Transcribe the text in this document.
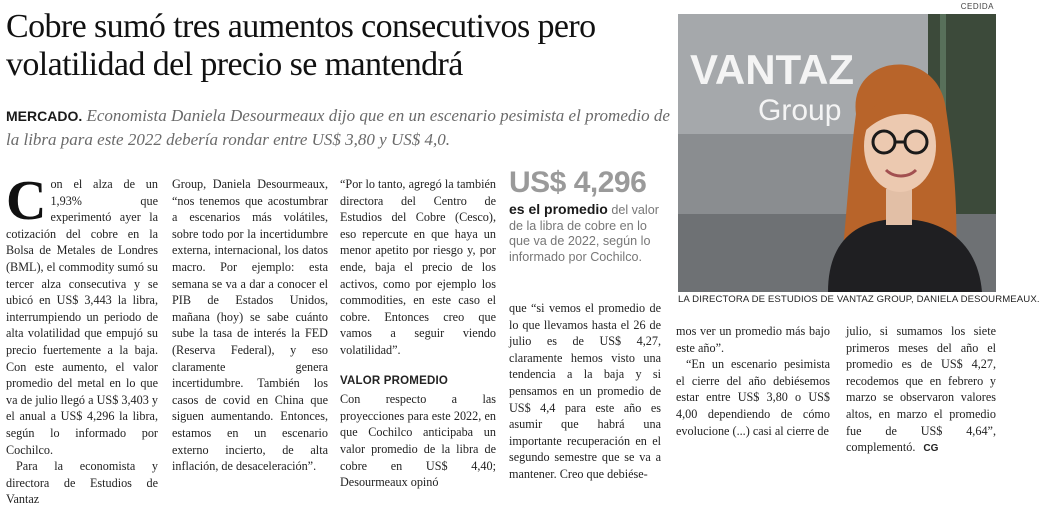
Cobre sumó tres aumentos consecutivos pero volatilidad del precio se mantendrá

MERCADO. Economista Daniela Desourmeaux dijo que en un escenario pesimista el promedio de la libra para este 2022 debería rondar entre US$ 3,80 y US$ 4,0.

Con el alza de un 1,93% que experimentó ayer la cotización del cobre en la Bolsa de Metales de Londres (BML), el commodity sumó su tercer alza consecutiva y se ubicó en US$ 3,443 la libra, interrumpiendo un periodo de alta volatilidad que empujó su precio fuertemente a la baja. Con este aumento, el valor promedio del metal en lo que va de julio llegó a US$ 3,403 y el anual a US$ 4,296 la libra, según lo informado por Cochilco.

Para la economista y directora de Estudios de Vantaz

Group, Daniela Desourmeaux, “nos tenemos que acostumbrar a escenarios más volátiles, sobre todo por la incertidumbre externa, internacional, los datos macro. Por ejemplo: esta semana se va a dar a conocer el PIB de Estados Unidos, mañana (hoy) se sabe cuánto sube la tasa de interés la FED (Reserva Federal), y eso claramente genera incertidumbre. También los casos de covid en China que siguen aumentando. Entonces, estamos en un escenario externo incierto, de alta inflación, de desaceleración”.

“Por lo tanto, agregó la también directora del Centro de Estudios del Cobre (Cesco), eso repercute en que haya un menor apetito por riesgo y, por ende, baja el precio de los activos, como por ejemplo los commodities, en este caso el cobre. Entonces creo que vamos a seguir viendo volatilidad”.

VALOR PROMEDIO

Con respecto a las proyecciones para este 2022, en que Cochilco anticipaba un valor promedio de la libra de cobre en US$ 4,40; Desourmeaux opinó

US$ 4,296
es el promedio del valor de la libra de cobre en lo que va de 2022, según lo informado por Cochilco.

que “si vemos el promedio de lo que llevamos hasta el 26 de julio es de US$ 4,27, claramente hemos visto una tendencia a la baja y si pensamos en un promedio de US$ 4,4 para este año es asumir que habrá una importante recuperación en el segundo semestre que se va a mantener. Creo que debiése-

mos ver un promedio más bajo este año”.

“En un escenario pesimista el cierre del año debiésemos estar entre US$ 3,80 o US$ 4,00 dependiendo de cómo evolucione (...) casi al cierre de

julio, si sumamos los siete primeros meses del año el promedio es de US$ 4,27, recodemos que en febrero y marzo se observaron valores altos, en marzo el promedio fue de US$ 4,64”, complementó. CG

CEDIDA
VANTAZ
Group
LA DIRECTORA DE ESTUDIOS DE VANTAZ GROUP, DANIELA DESOURMEAUX.
